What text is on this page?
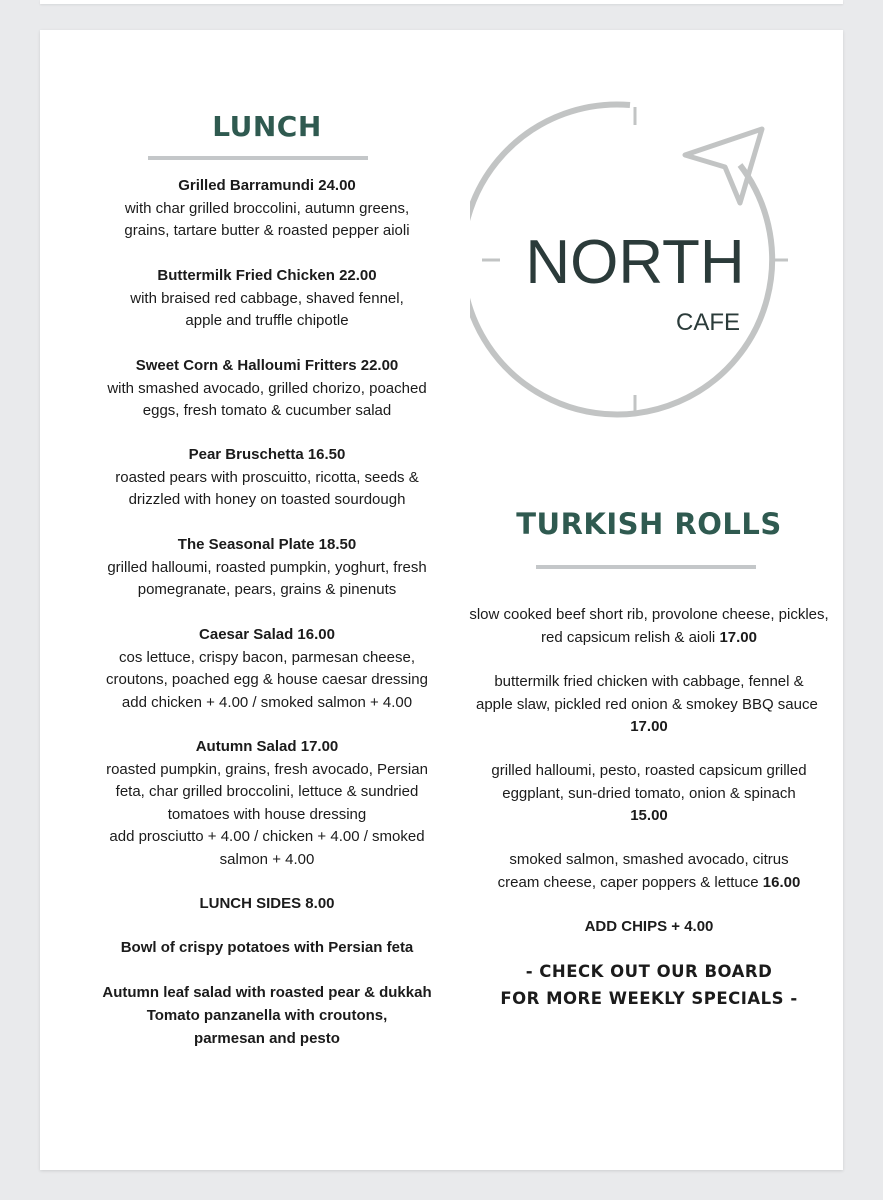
LUNCH
Grilled Barramundi 24.00
with char grilled broccolini, autumn greens, grains, tartare butter & roasted pepper aioli
Buttermilk Fried Chicken 22.00
with braised red cabbage, shaved fennel, apple and truffle chipotle
Sweet Corn & Halloumi Fritters 22.00
with smashed avocado, grilled chorizo, poached eggs, fresh tomato & cucumber salad
Pear Bruschetta 16.50
roasted pears with proscuitto, ricotta, seeds & drizzled with honey on toasted sourdough
The Seasonal Plate 18.50
grilled halloumi, roasted pumpkin, yoghurt, fresh pomegranate, pears, grains & pinenuts
Caesar Salad 16.00
cos lettuce, crispy bacon, parmesan cheese, croutons, poached egg & house caesar dressing
add chicken + 4.00 / smoked salmon + 4.00
Autumn Salad 17.00
roasted pumpkin, grains, fresh avocado, Persian feta, char grilled broccolini, lettuce & sundried tomatoes with house dressing
add prosciutto + 4.00 / chicken + 4.00 / smoked salmon + 4.00
LUNCH SIDES 8.00
Bowl of crispy potatoes with Persian feta
Autumn leaf salad with roasted pear & dukkah
Tomato panzanella with croutons, parmesan and pesto
NORTH
CAFE
TURKISH ROLLS
slow cooked beef short rib, provolone cheese, pickles, red capsicum relish & aioli 17.00
buttermilk fried chicken with cabbage, fennel & apple slaw, pickled red onion & smokey BBQ sauce  17.00
grilled halloumi, pesto, roasted capsicum grilled eggplant, sun-dried tomato, onion & spinach
15.00
smoked salmon, smashed avocado, citrus cream cheese, caper poppers & lettuce 16.00
ADD CHIPS + 4.00
- CHECK OUT OUR BOARD
FOR MORE WEEKLY SPECIALS -
